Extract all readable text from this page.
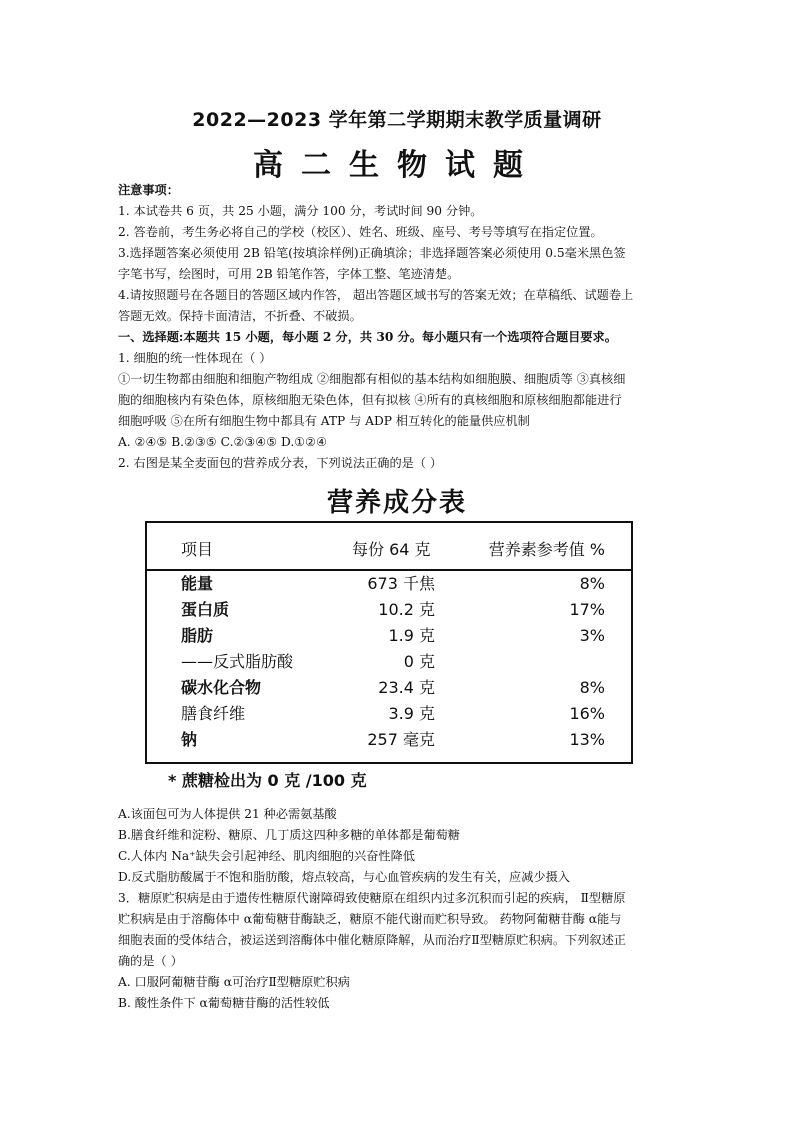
2022—2023 学年第二学期期末教学质量调研
高二生物试题
注意事项：
1. 本试卷共 6 页，共 25 小题，满分 100 分，考试时间 90 分钟。
2. 答卷前，考生务必将自己的学校（校区）、姓名、班级、座号、考号等填写在指定位置。
3.选择题答案必须使用 2B 铅笔(按填涂样例)正确填涂；非选择题答案必须使用 0.5毫米黑色签
字笔书写，绘图时，可用 2B 铅笔作答，字体工整、笔迹清楚。
4.请按照题号在各题目的答题区域内作答， 超出答题区域书写的答案无效；在草稿纸、试题卷上
答题无效。保持卡面清洁，不折叠、不破损。
一、选择题:本题共 15 小题，每小题 2 分，共 30 分。每小题只有一个选项符合题目要求。
1. 细胞的统一性体现在（ ）
①一切生物都由细胞和细胞产物组成 ②细胞都有相似的基本结构如细胞膜、细胞质等 ③真核细
胞的细胞核内有染色体，原核细胞无染色体，但有拟核 ④所有的真核细胞和原核细胞都能进行
细胞呼吸 ⑤在所有细胞生物中都具有 ATP 与 ADP 相互转化的能量供应机制
A. ②④⑤ B.②③⑤ C.②③④⑤ D.①②④
2. 右图是某全麦面包的营养成分表，下列说法正确的是（ ）
营养成分表
项目	每份 64 克	营养素参考值 %
能量	673 千焦	8%
蛋白质	10.2 克	17%
脂肪	1.9 克	3%
——反式脂肪酸	0 克
碳水化合物	23.4 克	8%
膳食纤维	3.9 克	16%
钠	257 毫克	13%
* 蔗糖检出为 0 克 /100 克
A.该面包可为人体提供 21 种必需氨基酸
B.膳食纤维和淀粉、糖原、几丁质这四种多糖的单体都是葡萄糖
C.人体内 Na⁺缺失会引起神经、肌肉细胞的兴奋性降低
D.反式脂肪酸属于不饱和脂肪酸，熔点较高，与心血管疾病的发生有关，应减少摄入
3．糖原贮积病是由于遗传性糖原代谢障碍致使糖原在组织内过多沉积而引起的疾病， Ⅱ型糖原
贮积病是由于溶酶体中 α葡萄糖苷酶缺乏，糖原不能代谢而贮积导致。 药物阿葡糖苷酶 α能与
细胞表面的受体结合，被运送到溶酶体中催化糖原降解，从而治疗Ⅱ型糖原贮积病。下列叙述正
确的是（ ）
A. 口服阿葡糖苷酶 α可治疗Ⅱ型糖原贮积病
B. 酸性条件下 α葡萄糖苷酶的活性较低
